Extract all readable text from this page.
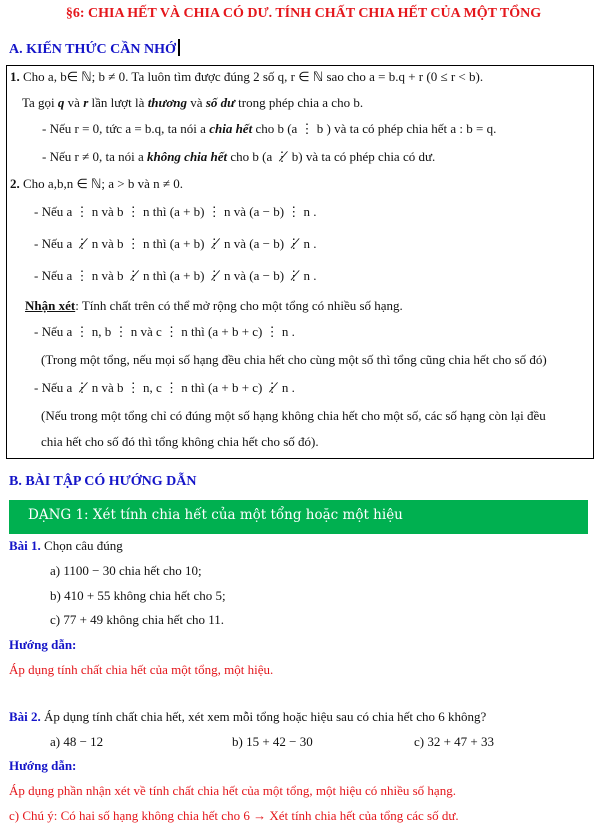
§6: CHIA HẾT VÀ CHIA CÓ DƯ. TÍNH CHẤT CHIA HẾT CỦA MỘT TỔNG
A. KIẾN THỨC CẦN NHỚ
1. Cho a, b∈ ℕ; b ≠ 0. Ta luôn tìm được đúng 2 số q, r ∈ ℕ sao cho a = b.q + r (0 ≤ r < b).
Ta gọi q và r lần lượt là thương và số dư trong phép chia a cho b.
- Nếu r = 0, tức a = b.q, ta nói a chia hết cho b (a ⋮ b ) và ta có phép chia hết a : b = q.
- Nếu r ≠ 0, ta nói a không chia hết cho b (a ⋮̸ b) và ta có phép chia có dư.
2. Cho a,b,n ∈ ℕ; a > b và n ≠ 0.
- Nếu a ⋮ n và b ⋮ n thì (a + b) ⋮ n và (a − b) ⋮ n .
- Nếu a ⋮̸ n và b ⋮ n thì (a + b) ⋮̸ n và (a − b) ⋮̸ n .
- Nếu a ⋮ n và b ⋮̸ n thì (a + b) ⋮̸ n và (a − b) ⋮̸ n .
Nhận xét: Tính chất trên có thể mở rộng cho một tổng có nhiều số hạng.
- Nếu a ⋮ n, b ⋮ n và c ⋮ n thì (a + b + c) ⋮ n .
(Trong một tổng, nếu mọi số hạng đều chia hết cho cùng một số thì tổng cũng chia hết cho số đó)
- Nếu a ⋮̸ n và b ⋮ n, c ⋮ n thì (a + b + c) ⋮̸ n .
(Nếu trong một tổng chỉ có đúng một số hạng không chia hết cho một số, các số hạng còn lại đều
chia hết cho số đó thì tổng không chia hết cho số đó).
B. BÀI TẬP CÓ HƯỚNG DẪN
DẠNG 1: Xét tính chia hết của một tổng hoặc một hiệu
Bài 1. Chọn câu đúng
a) 1100 − 30 chia hết cho 10;
b) 410 + 55 không chia hết cho 5;
c) 77 + 49 không chia hết cho 11.
Hướng dẫn:
Áp dụng tính chất chia hết của một tổng, một hiệu.
Bài 2. Áp dụng tính chất chia hết, xét xem mỗi tổng hoặc hiệu sau có chia hết cho 6 không?
a) 48 − 12	b) 15 + 42 − 30	c) 32 + 47 + 33
Hướng dẫn:
Áp dụng phần nhận xét về tính chất chia hết của một tổng, một hiệu có nhiều số hạng.
c) Chú ý: Có hai số hạng không chia hết cho 6 → Xét tính chia hết của tổng các số dư.
